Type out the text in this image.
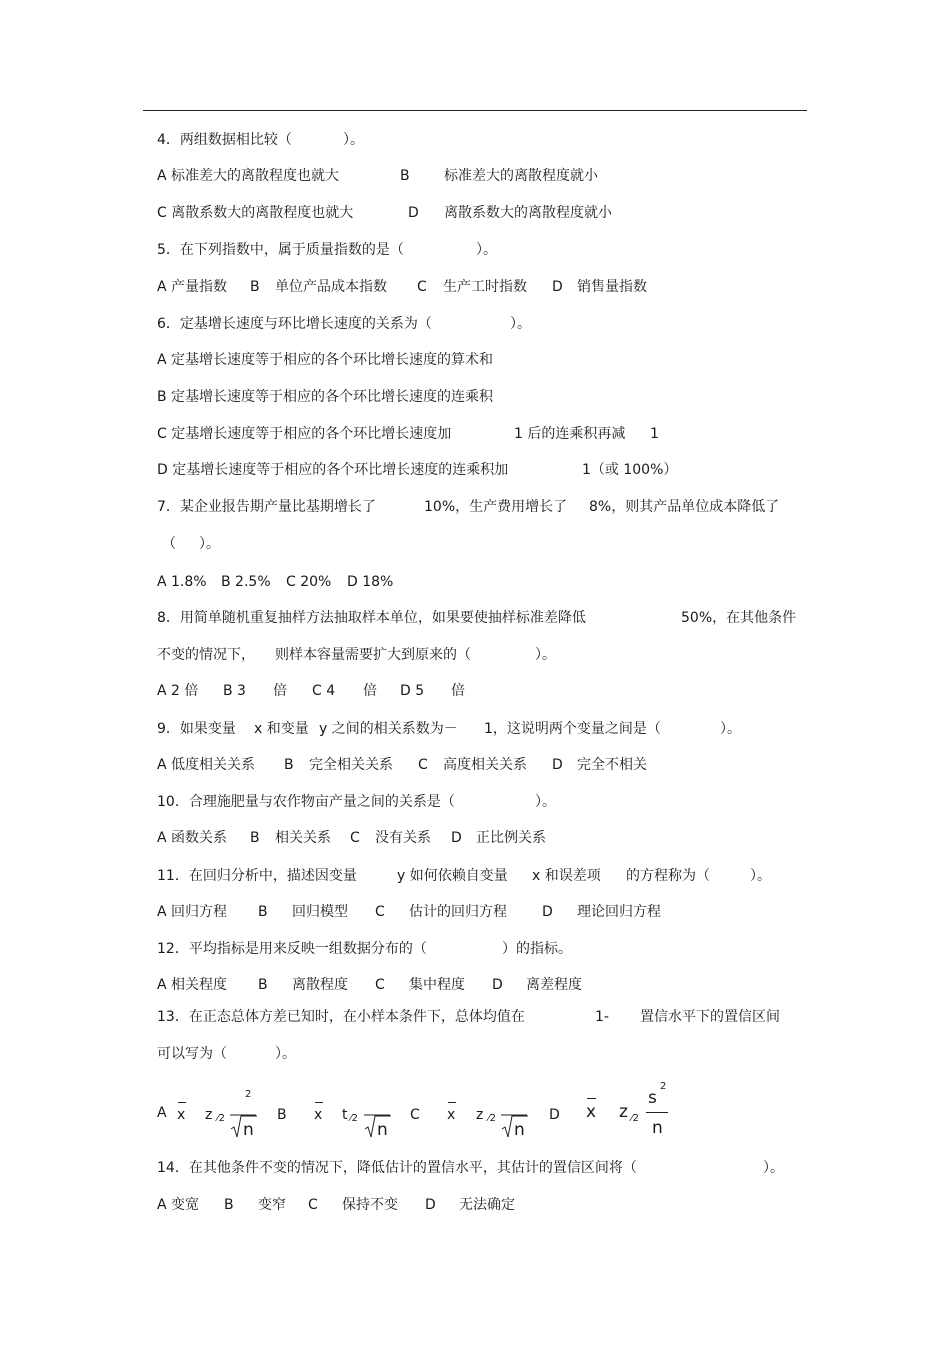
4．两组数据相比较（	）。
A 标准差大的离散程度也就大	B 标准差大的离散程度就小
C 离散系数大的离散程度也就大	D 离散系数大的离散程度就小
5．在下列指数中，属于质量指数的是（	）。
A 产量指数 B 单位产品成本指数 C 生产工时指数 D 销售量指数
6．定基增长速度与环比增长速度的关系为（	）。
A 定基增长速度等于相应的各个环比增长速度的算术和
B 定基增长速度等于相应的各个环比增长速度的连乘积
C 定基增长速度等于相应的各个环比增长速度加	1 后的连乘积再减 1
D 定基增长速度等于相应的各个环比增长速度的连乘积加	1（或 100%）
7．某企业报告期产量比基期增长了	10%，生产费用增长了 8%，则其产品单位成本降低了
（ ）。
A 1.8% B 2.5% C 20% D 18%
8．用简单随机重复抽样方法抽取样本单位，如果要使抽样标准差降低	50%，在其他条件
不变的情况下， 则样本容量需要扩大到原来的（	）。
A 2 倍 B 3 倍 C 4 倍 D 5 倍
9．如果变量 x 和变量 y 之间的相关系数为－ 1，这说明两个变量之间是（	）。
A 低度相关关系 B 完全相关关系 C 高度相关关系 D 完全不相关
10．合理施肥量与农作物亩产量之间的关系是（	）。
A 函数关系 B 相关关系 C 没有关系 D 正比例关系
11．在回归分析中，描述因变量	y 如何依赖自变量 x 和误差项 的方程称为（	）。
A 回归方程 B 回归模型 C 估计的回归方程	D 理论回归方程
12．平均指标是用来反映一组数据分布的（	）的指标。
A 相关程度 B 离散程度 C 集中程度 D 离差程度
13．在正态总体方差已知时，在小样本条件下，总体均值在	1- 置信水平下的置信区间
可以写为（	）。
14．在其他条件不变的情况下，降低估计的置信水平，其估计的置信区间将（	）。
A 变宽 B 变窄 C 保持不变 D 无法确定
A x z ⁄2
2
n
B x t ⁄2
n
C x z ⁄2
n
D x z ⁄2
s
2
n
